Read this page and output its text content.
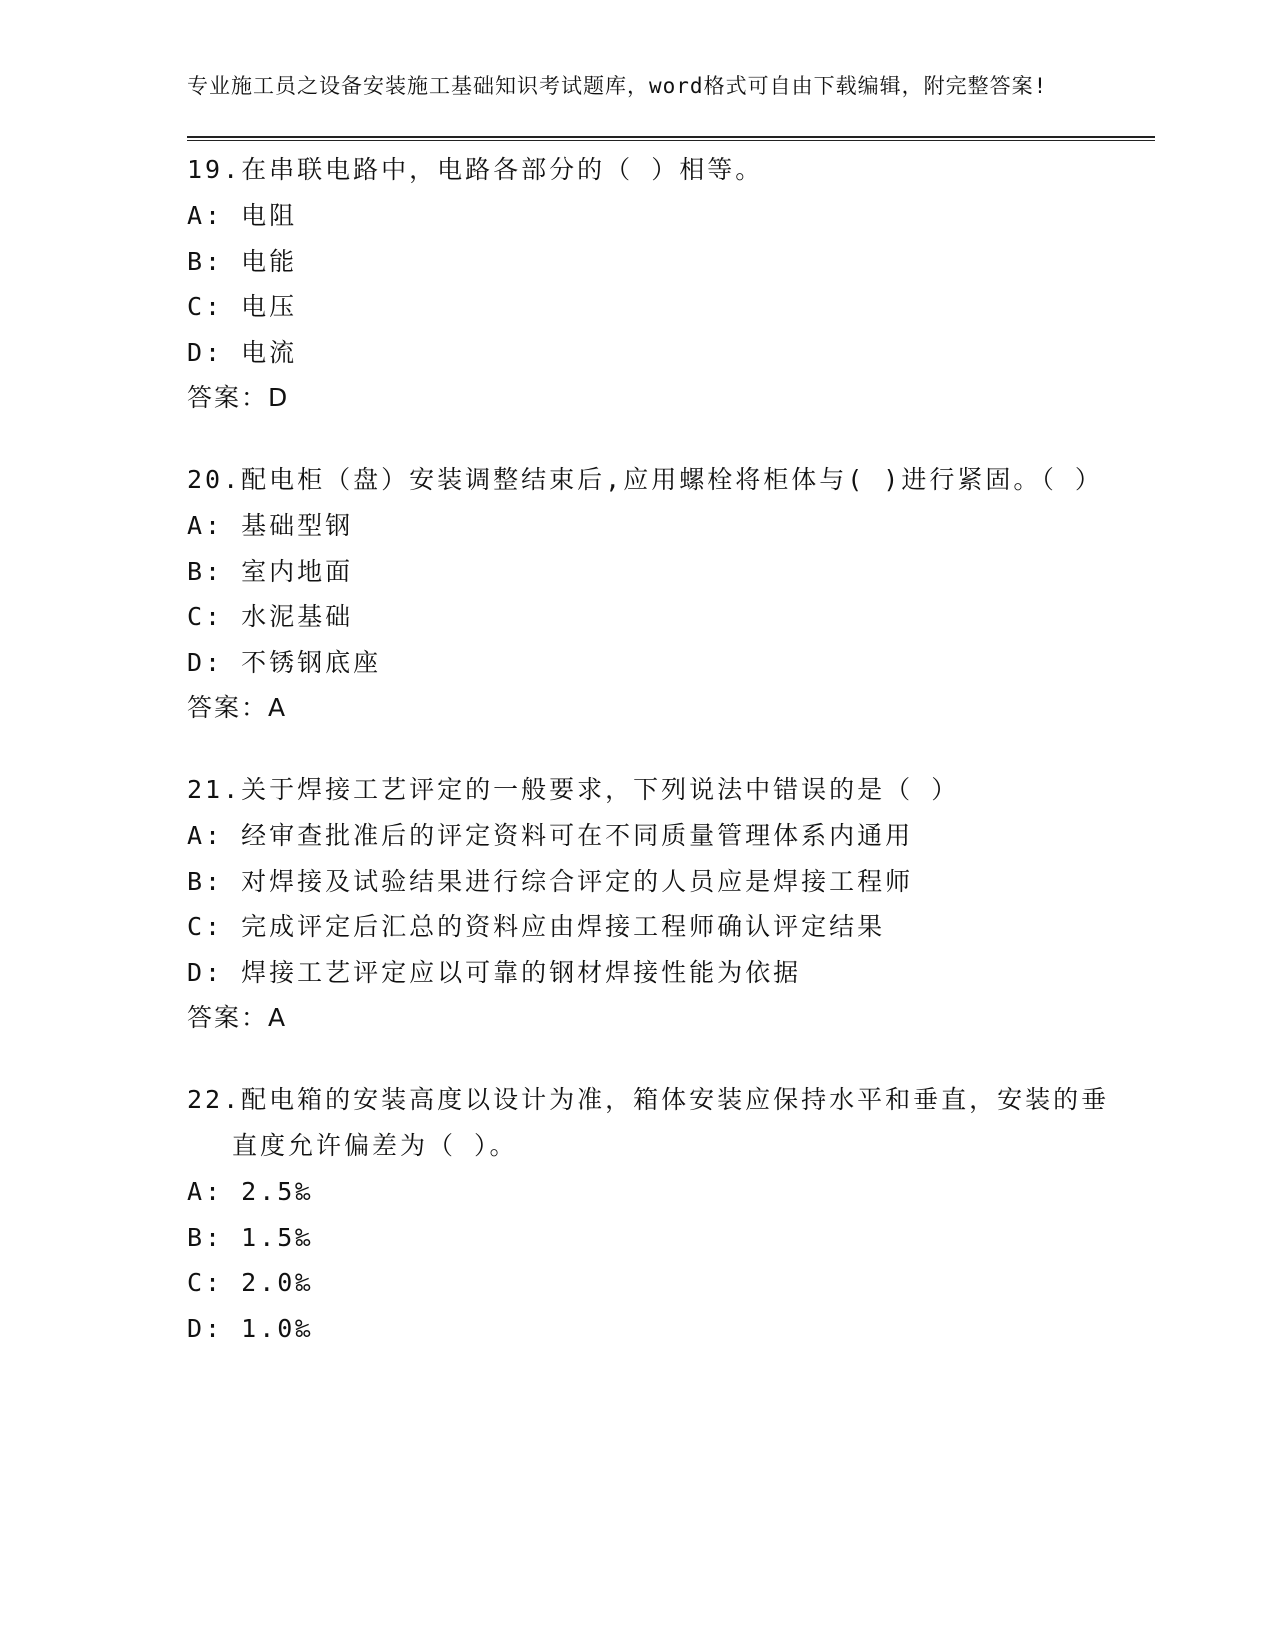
专业施工员之设备安装施工基础知识考试题库，word格式可自由下载编辑，附完整答案!
19.在串联电路中，电路各部分的（ ）相等。
A: 电阻
B: 电能
C: 电压
D: 电流
答案：D
20.配电柜（盘）安装调整结束后,应用螺栓将柜体与( )进行紧固。（ ）
A: 基础型钢
B: 室内地面
C: 水泥基础
D: 不锈钢底座
答案：A
21.关于焊接工艺评定的一般要求，下列说法中错误的是（ ）
A: 经审查批准后的评定资料可在不同质量管理体系内通用
B: 对焊接及试验结果进行综合评定的人员应是焊接工程师
C: 完成评定后汇总的资料应由焊接工程师确认评定结果
D: 焊接工艺评定应以可靠的钢材焊接性能为依据
答案：A
22.配电箱的安装高度以设计为准，箱体安装应保持水平和垂直，安装的垂直度允许偏差为（ ）。
A: 2.5‰
B: 1.5‰
C: 2.0‰
D: 1.0‰
